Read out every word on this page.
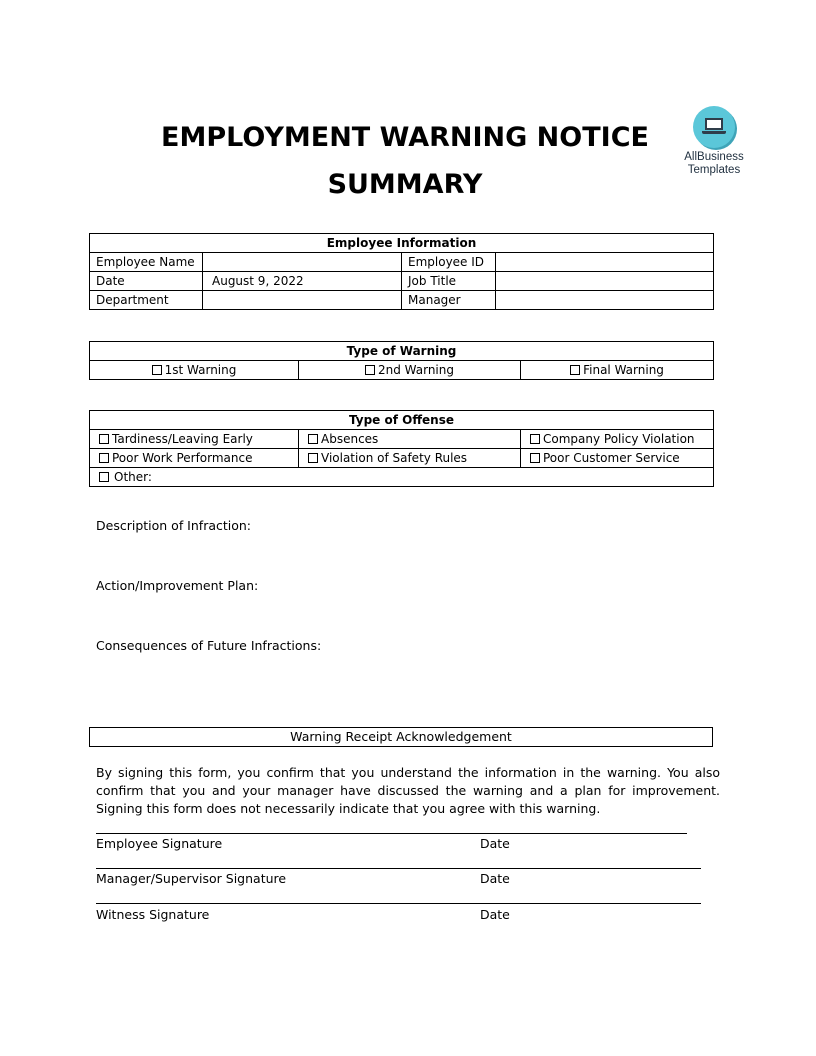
EMPLOYMENT WARNING NOTICE
SUMMARY
AllBusiness
Templates
Employee Information			
Employee Name		Employee ID	
Date	August 9, 2022	Job Title	
Department		Manager	
Type of Warning
1st Warning	2nd Warning	Final Warning
Type of Offense		
Tardiness/Leaving Early	Absences	Company Policy Violation
Poor Work Performance	Violation of Safety Rules	Poor Customer Service
Other:		
Description of Infraction:
Action/Improvement Plan:
Consequences of Future Infractions:
Warning Receipt Acknowledgement
By signing this form, you confirm that you understand the information in the warning. You also confirm that you and your manager have discussed the warning and a plan for improvement. Signing this form does not necessarily indicate that you agree with this warning.
Employee Signature	Date
Manager/Supervisor Signature	Date
Witness Signature	Date
